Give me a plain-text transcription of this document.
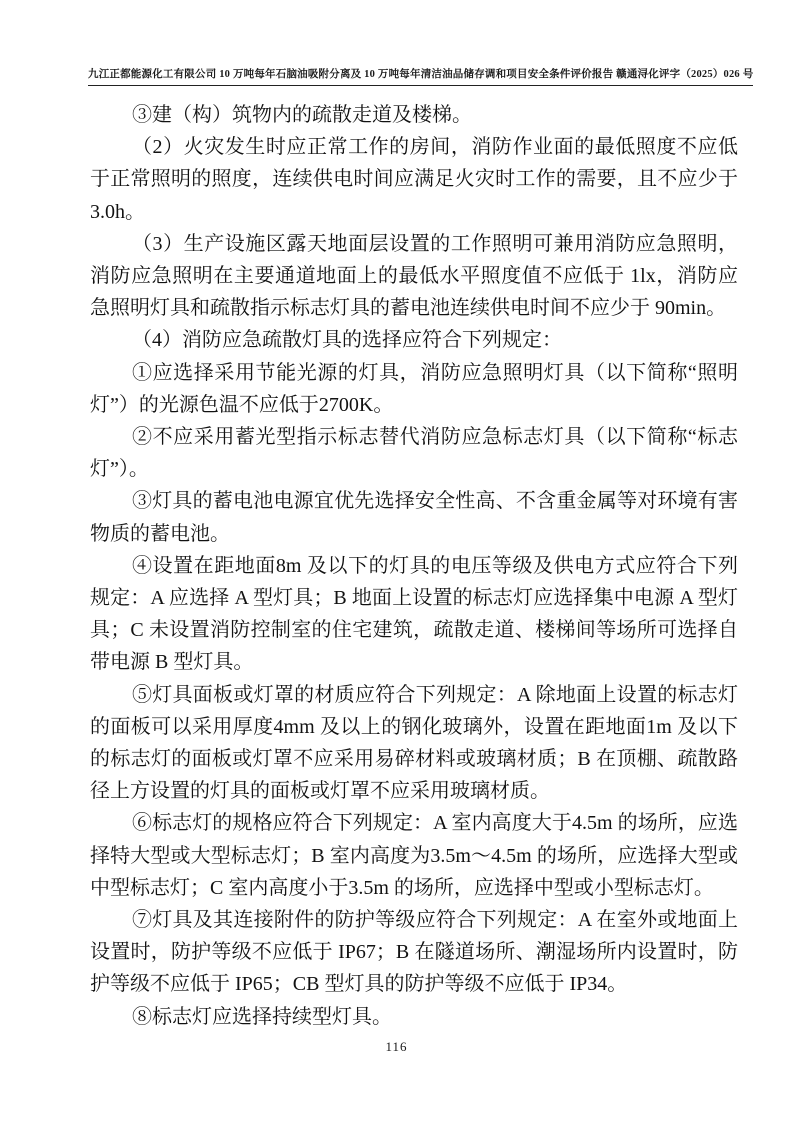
九江正都能源化工有限公司 10 万吨每年石脑油吸附分离及 10 万吨每年清洁油品储存调和项目安全条件评价报告 赣通浔化评字（2025）026 号

③建（构）筑物内的疏散走道及楼梯。

（2）火灾发生时应正常工作的房间，消防作业面的最低照度不应低于正常照明的照度，连续供电时间应满足火灾时工作的需要，且不应少于 3.0h。

（3）生产设施区露天地面层设置的工作照明可兼用消防应急照明，消防应急照明在主要通道地面上的最低水平照度值不应低于 1lx，消防应急照明灯具和疏散指示标志灯具的蓄电池连续供电时间不应少于 90min。

（4）消防应急疏散灯具的选择应符合下列规定：

①应选择采用节能光源的灯具，消防应急照明灯具（以下简称“照明灯”）的光源色温不应低于2700K。

②不应采用蓄光型指示标志替代消防应急标志灯具（以下简称“标志灯”）。

③灯具的蓄电池电源宜优先选择安全性高、不含重金属等对环境有害物质的蓄电池。

④设置在距地面8m 及以下的灯具的电压等级及供电方式应符合下列规定：A 应选择 A 型灯具；B 地面上设置的标志灯应选择集中电源 A 型灯具；C 未设置消防控制室的住宅建筑，疏散走道、楼梯间等场所可选择自带电源 B 型灯具。

⑤灯具面板或灯罩的材质应符合下列规定：A 除地面上设置的标志灯的面板可以采用厚度4mm 及以上的钢化玻璃外，设置在距地面1m 及以下的标志灯的面板或灯罩不应采用易碎材料或玻璃材质；B 在顶棚、疏散路径上方设置的灯具的面板或灯罩不应采用玻璃材质。

⑥标志灯的规格应符合下列规定：A 室内高度大于4.5m 的场所，应选择特大型或大型标志灯；B 室内高度为3.5m～4.5m 的场所，应选择大型或中型标志灯；C 室内高度小于3.5m 的场所，应选择中型或小型标志灯。

⑦灯具及其连接附件的防护等级应符合下列规定：A 在室外或地面上设置时，防护等级不应低于 IP67；B 在隧道场所、潮湿场所内设置时，防护等级不应低于 IP65；CB 型灯具的防护等级不应低于 IP34。

⑧标志灯应选择持续型灯具。

116
